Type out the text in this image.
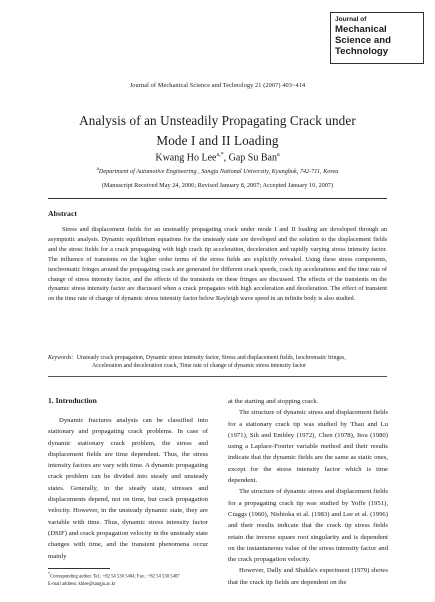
Journal of
Mechanical
Science and
Technology
Journal of Mechanical Science and Technology 21 (2007) 403~414
Analysis of an Unsteadily Propagating Crack under
Mode I and II Loading
Kwang Ho Lee$^{a,*}$, Gap Su Ban$^a$
$^a$Department of Automotive Engineering , Sangju National University, Kyungbuk, 742-711, Korea
(Manuscript Received May 24, 2006; Revised January 8, 2007; Accepted January 10, 2007)
Abstract
Stress and displacement fields for an unsteadily propagating crack under mode I and II loading are developed through an asymptotic analysis. Dynamic equilibrium equations for the unsteady state are developed and the solution to the displacement fields and the stress fields for a crack propagating with high crack tip acceleration, deceleration and rapidly varying stress intensity factor. The influence of transients on the higher order terms of the stress fields are explicitly revealed. Using these stress components, isochromatic fringes around the propagating crack are generated for different crack speeds, crack tip accelerations and the time rate of change of stress intensity factor, and the effects of the transients on these fringes are discussed. The effects of the transients on the dynamic stress intensity factor are discussed when a crack propagates with high acceleration and deceleration. The effect of transient on the time rate of change of dynamic stress intensity factor below Rayleigh wave speed in an infinite body is also studied.
Keywords: Unsteady crack propagation, Dynamic stress intensity factor, Stress and displacement fields, Isochromatic fringes,
Acceleration and deceleration crack, Time rate of change of dynamic stress intensity factor
1. Introduction

Dynamic fractures analysis can be classified into stationary and propagating crack problems. In case of dynamic stationary crack problem, the stress and displacement fields are time dependent. Thus, the stress intensity factors are vary with time. A dynamic propagating crack problem can be divided into steady and unsteady states. Generally, in the steady state, stresses and displacements depend, not on time, but crack propagation velocity. However, in the unsteady dynamic state, they are variable with time. Thus, dynamic stress intensity factor (DSIF) and crack propagation velocity in the unsteady state changes with time, and the transient phenomena occur mainly

at the starting and stopping crack.

The structure of dynamic stress and displacement fields for a stationary crack tip was studied by Thau and Lu (1971), Sih and Embley (1972), Chen (1978), Itou (1980) using a Laplace-Fourier variable method and their results indicate that the dynamic fields are the same as static ones, except for the stress intensity factor which is time dependent.

The structure of dynamic stress and displacement fields for a propagating crack tip was studied by Yoffe (1951), Craggs (1960), Nishioka et al. (1983) and Lee et al. (1996) and their results indicate that the crack tip stress fields retain the inverse square root singularity and is dependent on the instantaneous value of the stress intensity factor and the crack propagation velocity.

However, Dally and Shukla's experiment (1979) shows that the crack tip fields are dependent on the

*Corresponding author. Tel.: +82 54 530 5404; Fax.: +82 54 530 5407
E-mail address: khlee@sangju.ac.kr
